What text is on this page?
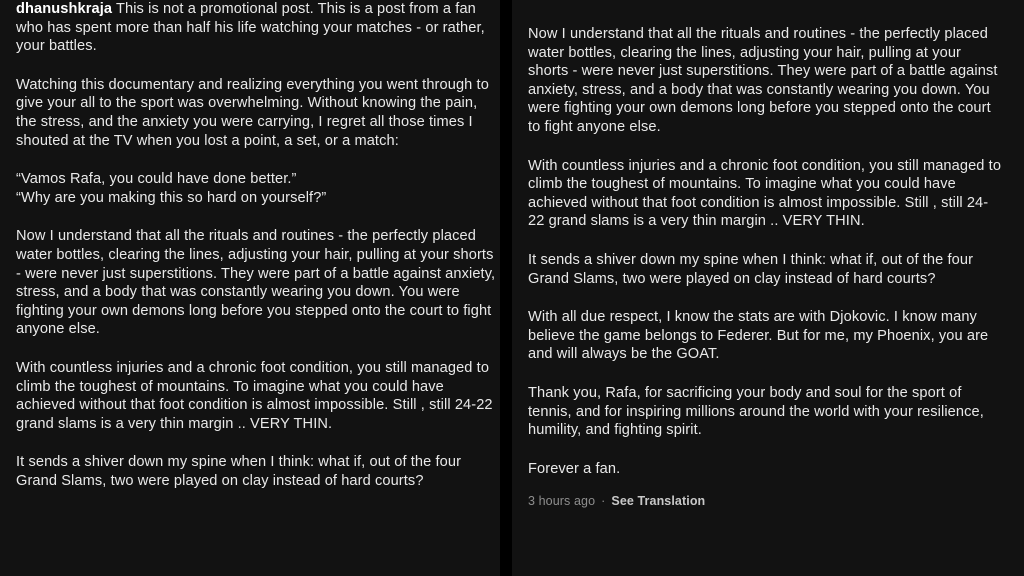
dhanushkraja This is not a promotional post. This is a post from a fan who has spent more than half his life watching your matches - or rather, your battles.

Watching this documentary and realizing everything you went through to give your all to the sport was overwhelming. Without knowing the pain, the stress, and the anxiety you were carrying, I regret all those times I shouted at the TV when you lost a point, a set, or a match:

“Vamos Rafa, you could have done better.”
“Why are you making this so hard on yourself?”

Now I understand that all the rituals and routines - the perfectly placed water bottles, clearing the lines, adjusting your hair, pulling at your shorts - were never just superstitions. They were part of a battle against anxiety, stress, and a body that was constantly wearing you down. You were fighting your own demons long before you stepped onto the court to fight anyone else.

With countless injuries and a chronic foot condition, you still managed to climb the toughest of mountains. To imagine what you could have achieved without that foot condition is almost impossible. Still , still 24-22 grand slams is a very thin margin .. VERY THIN.

It sends a shiver down my spine when I think: what if, out of the four Grand Slams, two were played on clay instead of hard courts?

Now I understand that all the rituals and routines - the perfectly placed water bottles, clearing the lines, adjusting your hair, pulling at your shorts - were never just superstitions. They were part of a battle against anxiety, stress, and a body that was constantly wearing you down. You were fighting your own demons long before you stepped onto the court to fight anyone else.

With countless injuries and a chronic foot condition, you still managed to climb the toughest of mountains. To imagine what you could have achieved without that foot condition is almost impossible. Still , still 24-22 grand slams is a very thin margin .. VERY THIN.

It sends a shiver down my spine when I think: what if, out of the four Grand Slams, two were played on clay instead of hard courts?

With all due respect, I know the stats are with Djokovic. I know many believe the game belongs to Federer. But for me, my Phoenix, you are and will always be the GOAT.

Thank you, Rafa, for sacrificing your body and soul for the sport of tennis, and for inspiring millions around the world with your resilience, humility, and fighting spirit.

Forever a fan.

3 hours ago · See Translation
